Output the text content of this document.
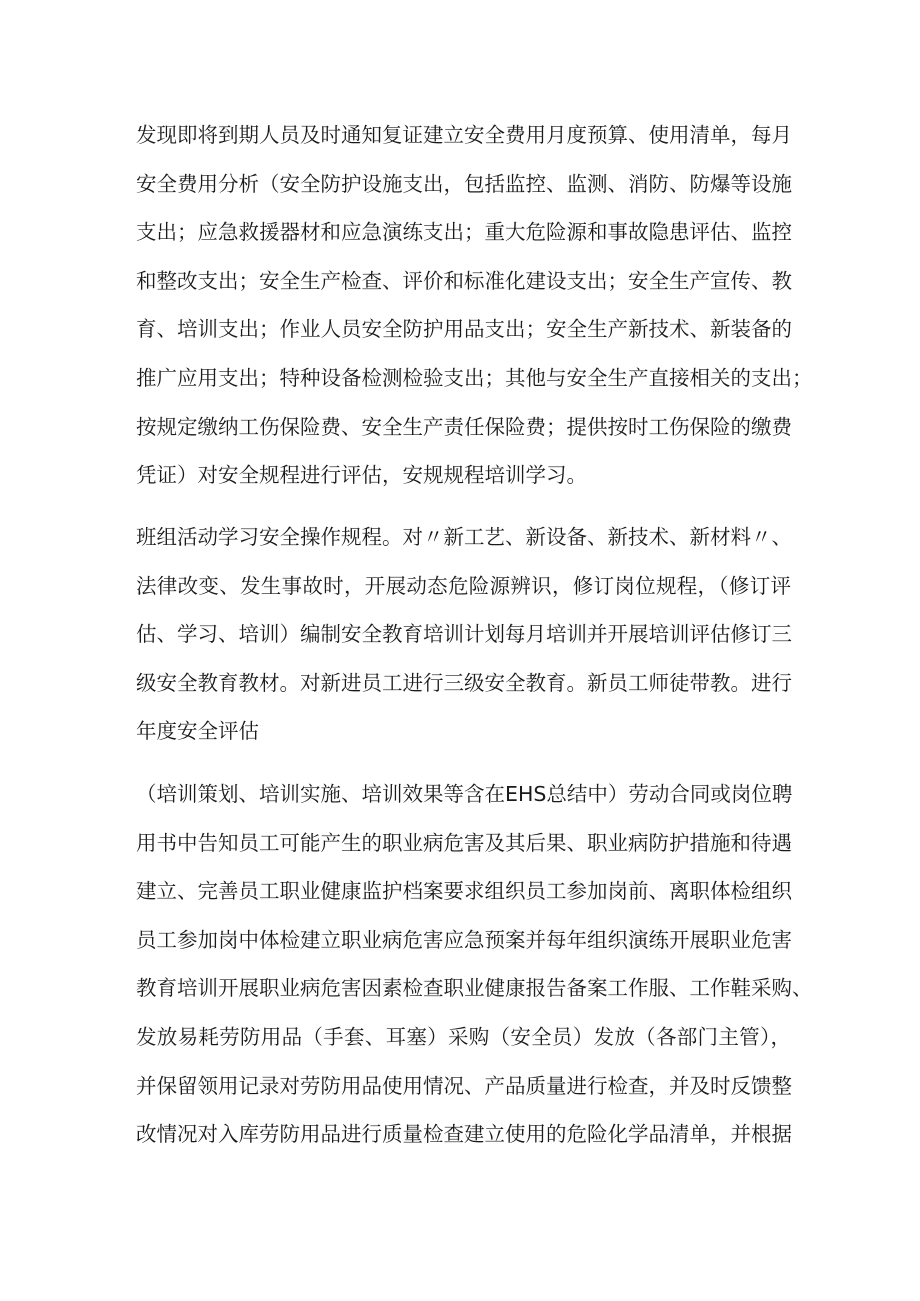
发现即将到期人员及时通知复证建立安全费用月度预算、使用清单，每月
安全费用分析（安全防护设施支出，包括监控、监测、消防、防爆等设施
支出；应急救援器材和应急演练支出；重大危险源和事故隐患评估、监控
和整改支出；安全生产检查、评价和标准化建设支出；安全生产宣传、教
育、培训支出；作业人员安全防护用品支出；安全生产新技术、新装备的
推广应用支出；特种设备检测检验支出；其他与安全生产直接相关的支出；
按规定缴纳工伤保险费、安全生产责任保险费；提供按时工伤保险的缴费
凭证）对安全规程进行评估，安规规程培训学习。
班组活动学习安全操作规程。对〃新工艺、新设备、新技术、新材料〃、
法律改变、发生事故时，开展动态危险源辨识，修订岗位规程，（修订评
估、学习、培训）编制安全教育培训计划每月培训并开展培训评估修订三
级安全教育教材。对新进员工进行三级安全教育。新员工师徒带教。进行
年度安全评估
（培训策划、培训实施、培训效果等含在EHS总结中）劳动合同或岗位聘
用书中告知员工可能产生的职业病危害及其后果、职业病防护措施和待遇
建立、完善员工职业健康监护档案要求组织员工参加岗前、离职体检组织
员工参加岗中体检建立职业病危害应急预案并每年组织演练开展职业危害
教育培训开展职业病危害因素检查职业健康报告备案工作服、工作鞋采购、
发放易耗劳防用品（手套、耳塞）采购（安全员）发放（各部门主管），
并保留领用记录对劳防用品使用情况、产品质量进行检查，并及时反馈整
改情况对入库劳防用品进行质量检查建立使用的危险化学品清单，并根据
